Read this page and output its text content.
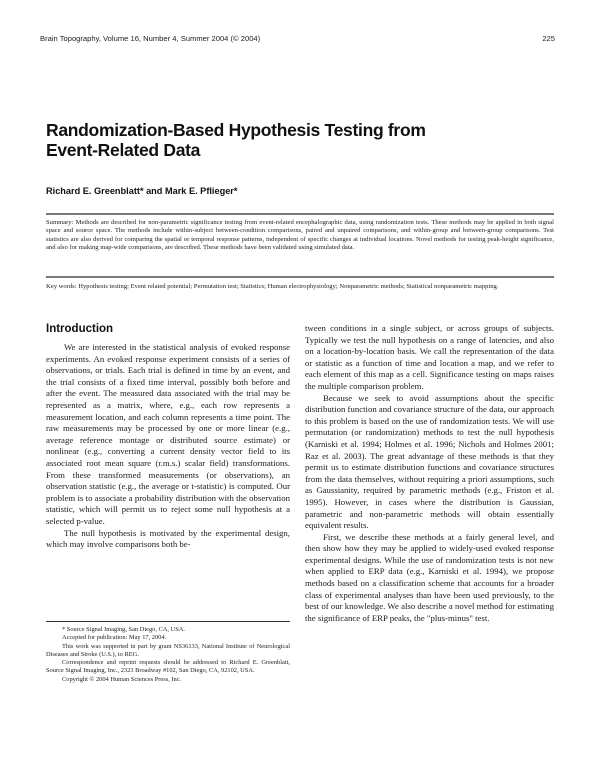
Brain Topography, Volume 16, Number 4, Summer 2004 (© 2004)	225
Randomization-Based Hypothesis Testing from
Event-Related Data
Richard E. Greenblatt* and Mark E. Pflieger*
Summary: Methods are described for non-parametric significance testing from event-related encephalographic data, using randomization tests. These methods may be applied in both signal space and source space. The methods include within-subject between-condition comparisons, paired and unpaired comparisons, and within-group and between-group comparisons. Test statistics are also derived for comparing the spatial or temporal response patterns, independent of specific changes at individual locations. Novel methods for testing peak-height significance, and also for making map-wide comparisons, are described. These methods have been validated using simulated data.
Key words: Hypothesis testing; Event related potential; Permutation test; Statistics; Human electrophysiology; Nonparametric methods; Statistical nonparametric mapping.
Introduction

We are interested in the statistical analysis of evoked response experiments. An evoked response experiment consists of a series of observations, or trials. Each trial is defined in time by an event, and the trial consists of a fixed time interval, possibly both before and after the event. The measured data associated with the trial may be represented as a matrix, where, e.g., each row represents a measurement location, and each column represents a time point. The raw measurements may be processed by one or more linear (e.g., average reference montage or distributed source estimate) or nonlinear (e.g., converting a current density vector field to its associated root mean square (r.m.s.) scalar field) transformations. From these transformed measurements (or observations), an observation statistic (e.g., the average or t-statistic) is computed. Our problem is to associate a probability distribution with the observation statistic, which will permit us to reject some null hypothesis at a selected p-value.

The null hypothesis is motivated by the experimental design, which may involve comparisons both be-

tween conditions in a single subject, or across groups of subjects. Typically we test the null hypothesis on a range of latencies, and also on a location-by-location basis. We call the representation of the data or statistic as a function of time and location a map, and we refer to each element of this map as a cell. Significance testing on maps raises the multiple comparison problem.

Because we seek to avoid assumptions about the specific distribution function and covariance structure of the data, our approach to this problem is based on the use of randomization tests. We will use permutation (or randomization) methods to test the null hypothesis (Karniski et al. 1994; Holmes et al. 1996; Nichols and Holmes 2001; Raz et al. 2003). The great advantage of these methods is that they permit us to estimate distribution functions and covariance structures from the data themselves, without requiring a priori assumptions, such as Gaussianity, required by parametric methods (e.g., Friston et al. 1995). However, in cases where the distribution is Gaussian, parametric and non-parametric methods will obtain essentially equivalent results.

First, we describe these methods at a fairly general level, and then show how they may be applied to widely-used evoked response experimental designs. While the use of randomization tests is not new when applied to ERP data (e.g., Karniski et al. 1994), we propose methods based on a classification scheme that accounts for a broader class of experimental analyses than have been used previously, to the best of our knowledge. We also describe a novel method for estimating the significance of ERP peaks, the "plus-minus" test.

* Source Signal Imaging, San Diego, CA, USA.

Accepted for publication: May 17, 2004.

This work was supported in part by grant NS36133, National Institute of Neurological Diseases and Stroke (U.S.), to REG.

Correspondence and reprint requests should be addressed to Richard E. Greenblatt, Source Signal Imaging, Inc., 2323 Broadway #102, San Diego, CA, 92102, USA.

Copyright © 2004 Human Sciences Press, Inc.
